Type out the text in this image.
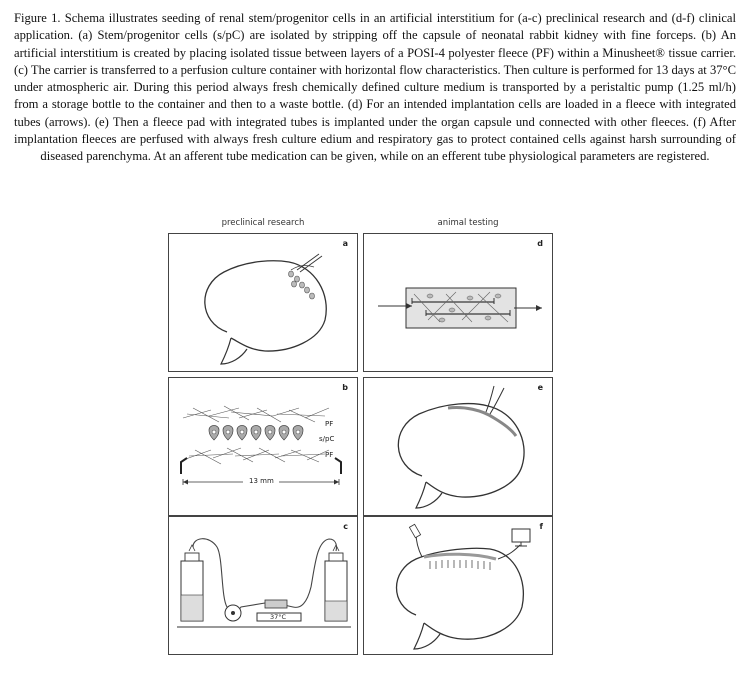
Figure 1. Schema illustrates seeding of renal stem/progenitor cells in an artificial interstitium for (a-c) preclinical research and (d-f) clinical application. (a) Stem/progenitor cells (s/pC) are isolated by stripping off the capsule of neonatal rabbit kidney with fine forceps. (b) An artificial interstitium is created by placing isolated tissue between layers of a POSI-4 polyester fleece (PF) within a Minusheet® tissue carrier. (c) The carrier is transferred to a perfusion culture container with horizontal flow characteristics. Then culture is performed for 13 days at 37°C under atmospheric air. During this period always fresh chemically defined culture medium is transported by a peristaltic pump (1.25 ml/h) from a storage bottle to the container and then to a waste bottle. (d) For an intended implantation cells are loaded in a fleece with integrated tubes (arrows). (e) Then a fleece pad with integrated tubes is implanted under the organ capsule und connected with other fleeces. (f) After implantation fleeces are perfused with always fresh culture edium and respiratory gas to protect contained cells against harsh surrounding of diseased parenchyma. At an afferent tube medication can be given, while on an efferent tube physiological parameters are registered.

preclinical research	animal testing
a
b
PF
s/pC
PF
13 mm
c
37°C
d
e
f
